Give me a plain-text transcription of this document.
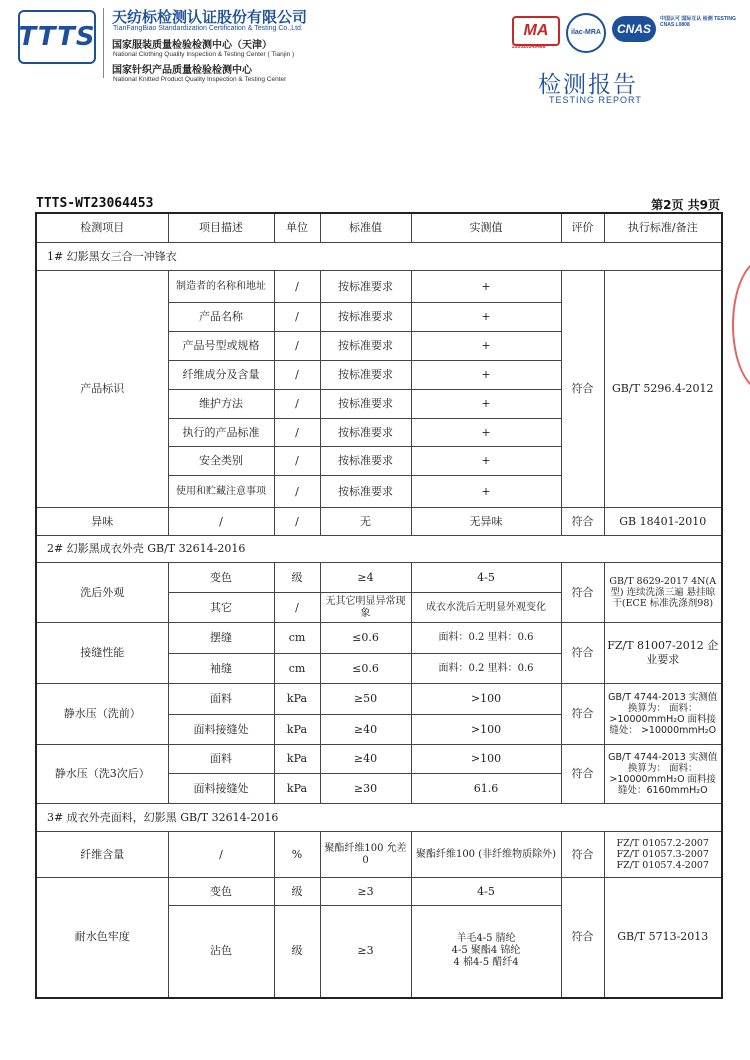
TTTS
天纺标检测认证股份有限公司
TianFangBiao Standardization Certification & Testing Co.,Ltd.
国家服装质量检验检测中心（天津）
National Clothing Quality Inspection & Testing Center ( Tianjin )
国家针织产品质量检验检测中心
National Knitted Product Quality Inspection & Testing Center
MA
230020349466
ilac-MRA	CNAS
中国认可 国际互认 检测 TESTING CNAS L0808
检测报告
TESTING REPORT
TTTS-WT23064453	第2页 共9页
检测项目	项目描述	单位	标准值	实测值	评价	执行标准/备注
1# 幻影黑女三合一冲锋衣						
产品标识	制造者的名称和地址	/	按标准要求	+	符合	GB/T 5296.4-2012
	产品名称	/	按标准要求	+		
	产品号型或规格	/	按标准要求	+		
	纤维成分及含量	/	按标准要求	+		
	维护方法	/	按标准要求	+		
	执行的产品标准	/	按标准要求	+		
	安全类别	/	按标准要求	+		
	使用和贮藏注意事项	/	按标准要求	+		
异味	/	/	无	无异味	符合	GB 18401-2010
2# 幻影黑成衣外壳 GB/T 32614-2016						
洗后外观	变色	级	≥4	4-5	符合	GB/T 8629-2017 4N(A型) 连续洗涤三遍 悬挂晾干(ECE 标准洗涤剂98)
	其它	/	无其它明显异常现象	成衣水洗后无明显外观变化		
接缝性能	摆缝	cm	≤0.6	面料：0.2 里料：0.6	符合	FZ/T 81007-2012 企业要求
	袖缝	cm	≤0.6	面料：0.2 里料：0.6		
静水压（洗前）	面料	kPa	≥50	>100	符合	GB/T 4744-2013 实测值换算为： 面料：>10000mmH₂O 面料接缝处： >10000mmH₂O
	面料接缝处	kPa	≥40	>100		
静水压（洗3次后）	面料	kPa	≥40	>100	符合	GB/T 4744-2013 实测值换算为： 面料：>10000mmH₂O 面料接缝处：6160mmH₂O
	面料接缝处	kPa	≥30	61.6		
3# 成衣外壳面料，幻影黑 GB/T 32614-2016						
纤维含量	/	%	聚酯纤维100 允差0	聚酯纤维100 (非纤维物质除外)	符合	FZ/T 01057.2-2007 FZ/T 01057.3-2007 FZ/T 01057.4-2007
耐水色牢度	变色	级	≥3	4-5	符合	GB/T 5713-2013
	沾色	级	≥3	羊毛4-5 腈纶4-5 聚酯4 锦纶4 棉4-5 醋纤4		
